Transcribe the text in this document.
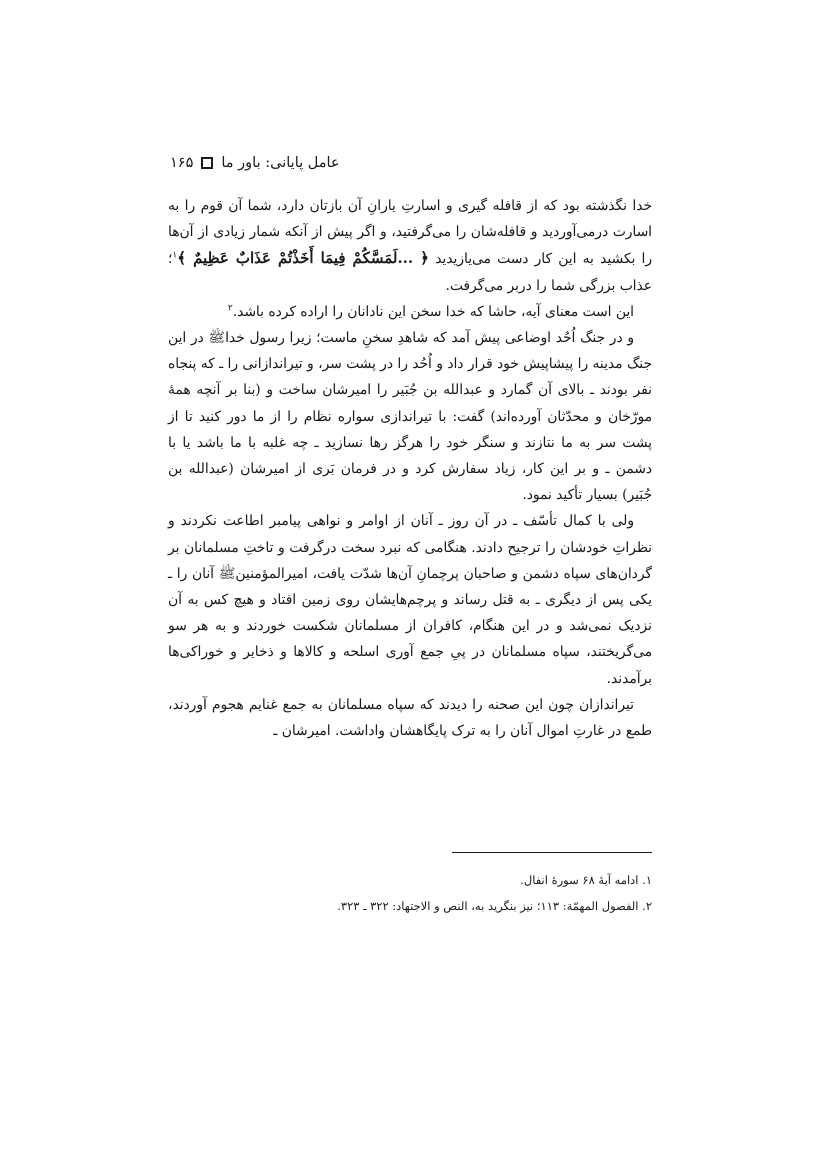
۱۶۵ عامل پایانی: باور ما

خدا نگذشته بود که از قافله گیری و اسارتِ یارانِ آن بازتان دارد، شما آن قوم را به اسارت درمی‌آوردید و قافله‌شان را می‌گرفتید، و اگر پیش از آنکه شمار زیادی از آن‌ها را بکشید به این کار دست می‌یازیدید ﴿ ...لَمَسَّكُمْ فِيمَا أَخَذْتُمْ عَذَابٌ عَظِيمٌ ﴾$^۱$؛ عذاب بزرگی شما را دربر می‌گرفت.

این است معنای آیه، حاشا که خدا سخن این نادانان را اراده کرده باشد.$^۲$

و در جنگ اُحُد اوضاعی پیش آمد که شاهدِ سخنِ ماست؛ زیرا رسول خداﷺ در این جنگ مدینه را پیشاپیش خود قرار داد و اُحُد را در پشت سر، و تیراندازانی را ـ که پنجاه نفر بودند ـ بالای آن گمارد و عبدالله بن جُبَیر را امیرشان ساخت و (بنا بر آنچه همهٔ مورّخان و محدّثان آورده‌اند) گفت: با تیراندازی سواره نظام را از ما دور کنید تا از پشت سر به ما نتازند و سنگر خود را هرگز رها نسازید ـ چه غلبه با ما باشد یا با دشمن ـ و بر این کار، زیاد سفارش کرد و در فرمان بَری از امیرشان (عبدالله بن جُبَیر) بسیار تأکید نمود.

ولی با کمال تأسّف ـ در آن روز ـ آنان از اوامر و نواهی پیامبر اطاعت نکردند و نظراتِ خودشان را ترجیح دادند. هنگامی که نبرد سخت درگرفت و تاختِ مسلمانان بر گردان‌های سپاه دشمن و صاحبان پرچمانِ آن‌ها شدّت یافت، امیرالمؤمنینﷺ آنان را ـ یکی پس از دیگری ـ به قتل رساند و پرچم‌هایشان روی زمین افتاد و هیچ کس به آن نزدیک نمی‌شد و در این هنگام، کافران از مسلمانان شکست خوردند و به هر سو می‌گریختند، سپاه مسلمانان در پیِ جمع آوری اسلحه و کالاها و ذخایر و خوراکی‌ها برآمدند.

تیراندازان چون این صحنه را دیدند که سپاه مسلمانان به جمع غنایم هجوم آوردند، طمع در غارتِ اموال آنان را به ترک پایگاهشان واداشت. امیرشان ـ

۱. ادامه آیهٔ ۶۸ سورهٔ انفال.

۲. الفصول المهمّة: ۱۱۳؛ نیز بنگرید به، النص و الاجتهاد: ۳۲۲ ـ ۳۲۳.
